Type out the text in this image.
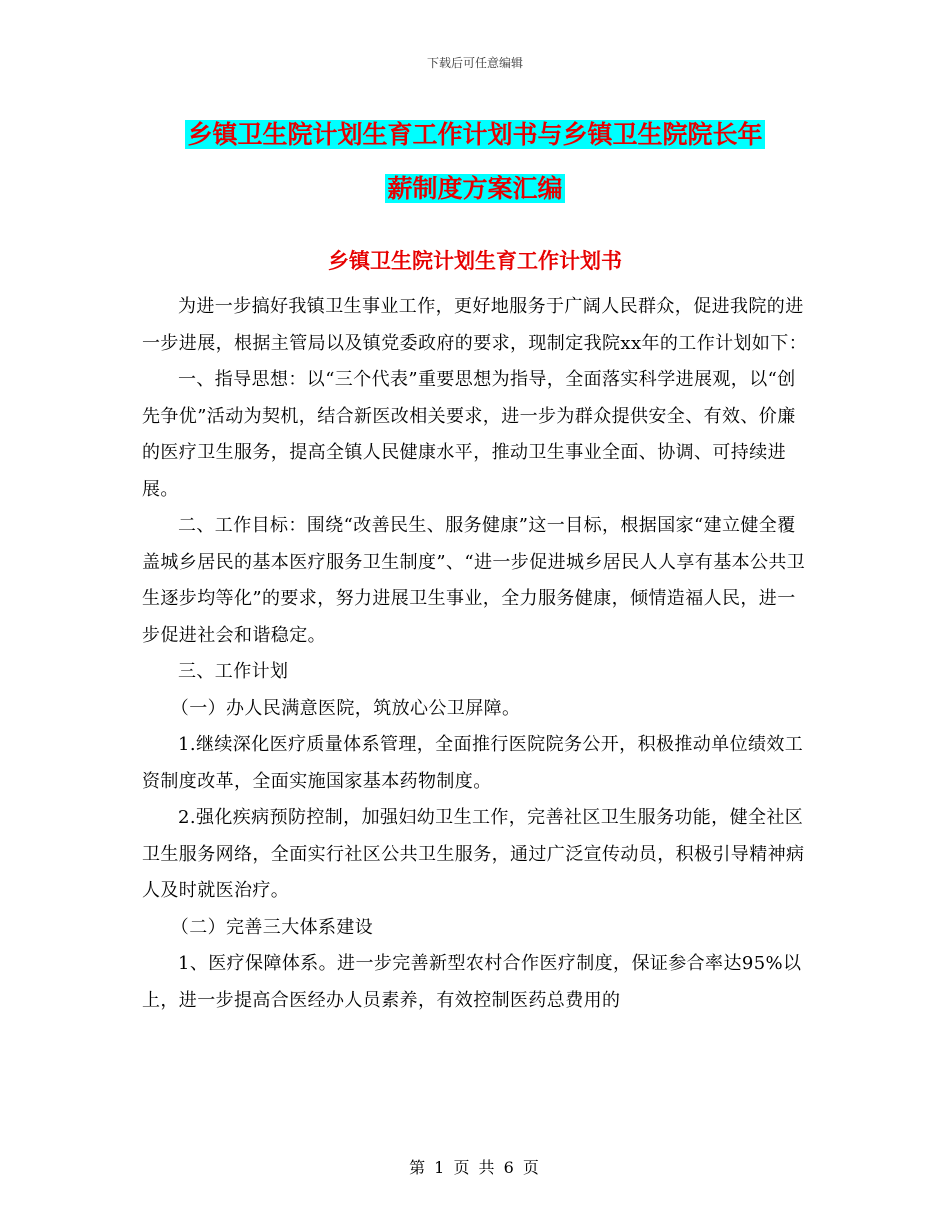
下载后可任意编辑
乡镇卫生院计划生育工作计划书与乡镇卫生院院长年
薪制度方案汇编
乡镇卫生院计划生育工作计划书

为进一步搞好我镇卫生事业工作，更好地服务于广阔人民群众，促进我院的进一步进展，根据主管局以及镇党委政府的要求，现制定我院xx年的工作计划如下：

一、指导思想：以“三个代表”重要思想为指导，全面落实科学进展观，以“创先争优”活动为契机，结合新医改相关要求，进一步为群众提供安全、有效、价廉的医疗卫生服务，提高全镇人民健康水平，推动卫生事业全面、协调、可持续进展。

二、工作目标：围绕“改善民生、服务健康”这一目标，根据国家“建立健全覆盖城乡居民的基本医疗服务卫生制度”、“进一步促进城乡居民人人享有基本公共卫生逐步均等化”的要求，努力进展卫生事业，全力服务健康，倾情造福人民，进一步促进社会和谐稳定。

三、工作计划

（一）办人民满意医院，筑放心公卫屏障。

1.继续深化医疗质量体系管理，全面推行医院院务公开，积极推动单位绩效工资制度改革，全面实施国家基本药物制度。

2.强化疾病预防控制，加强妇幼卫生工作，完善社区卫生服务功能，健全社区卫生服务网络，全面实行社区公共卫生服务，通过广泛宣传动员，积极引导精神病人及时就医治疗。

（二）完善三大体系建设

1、医疗保障体系。进一步完善新型农村合作医疗制度，保证参合率达95%以上，进一步提高合医经办人员素养，有效控制医药总费用的

第 1 页 共 6 页
